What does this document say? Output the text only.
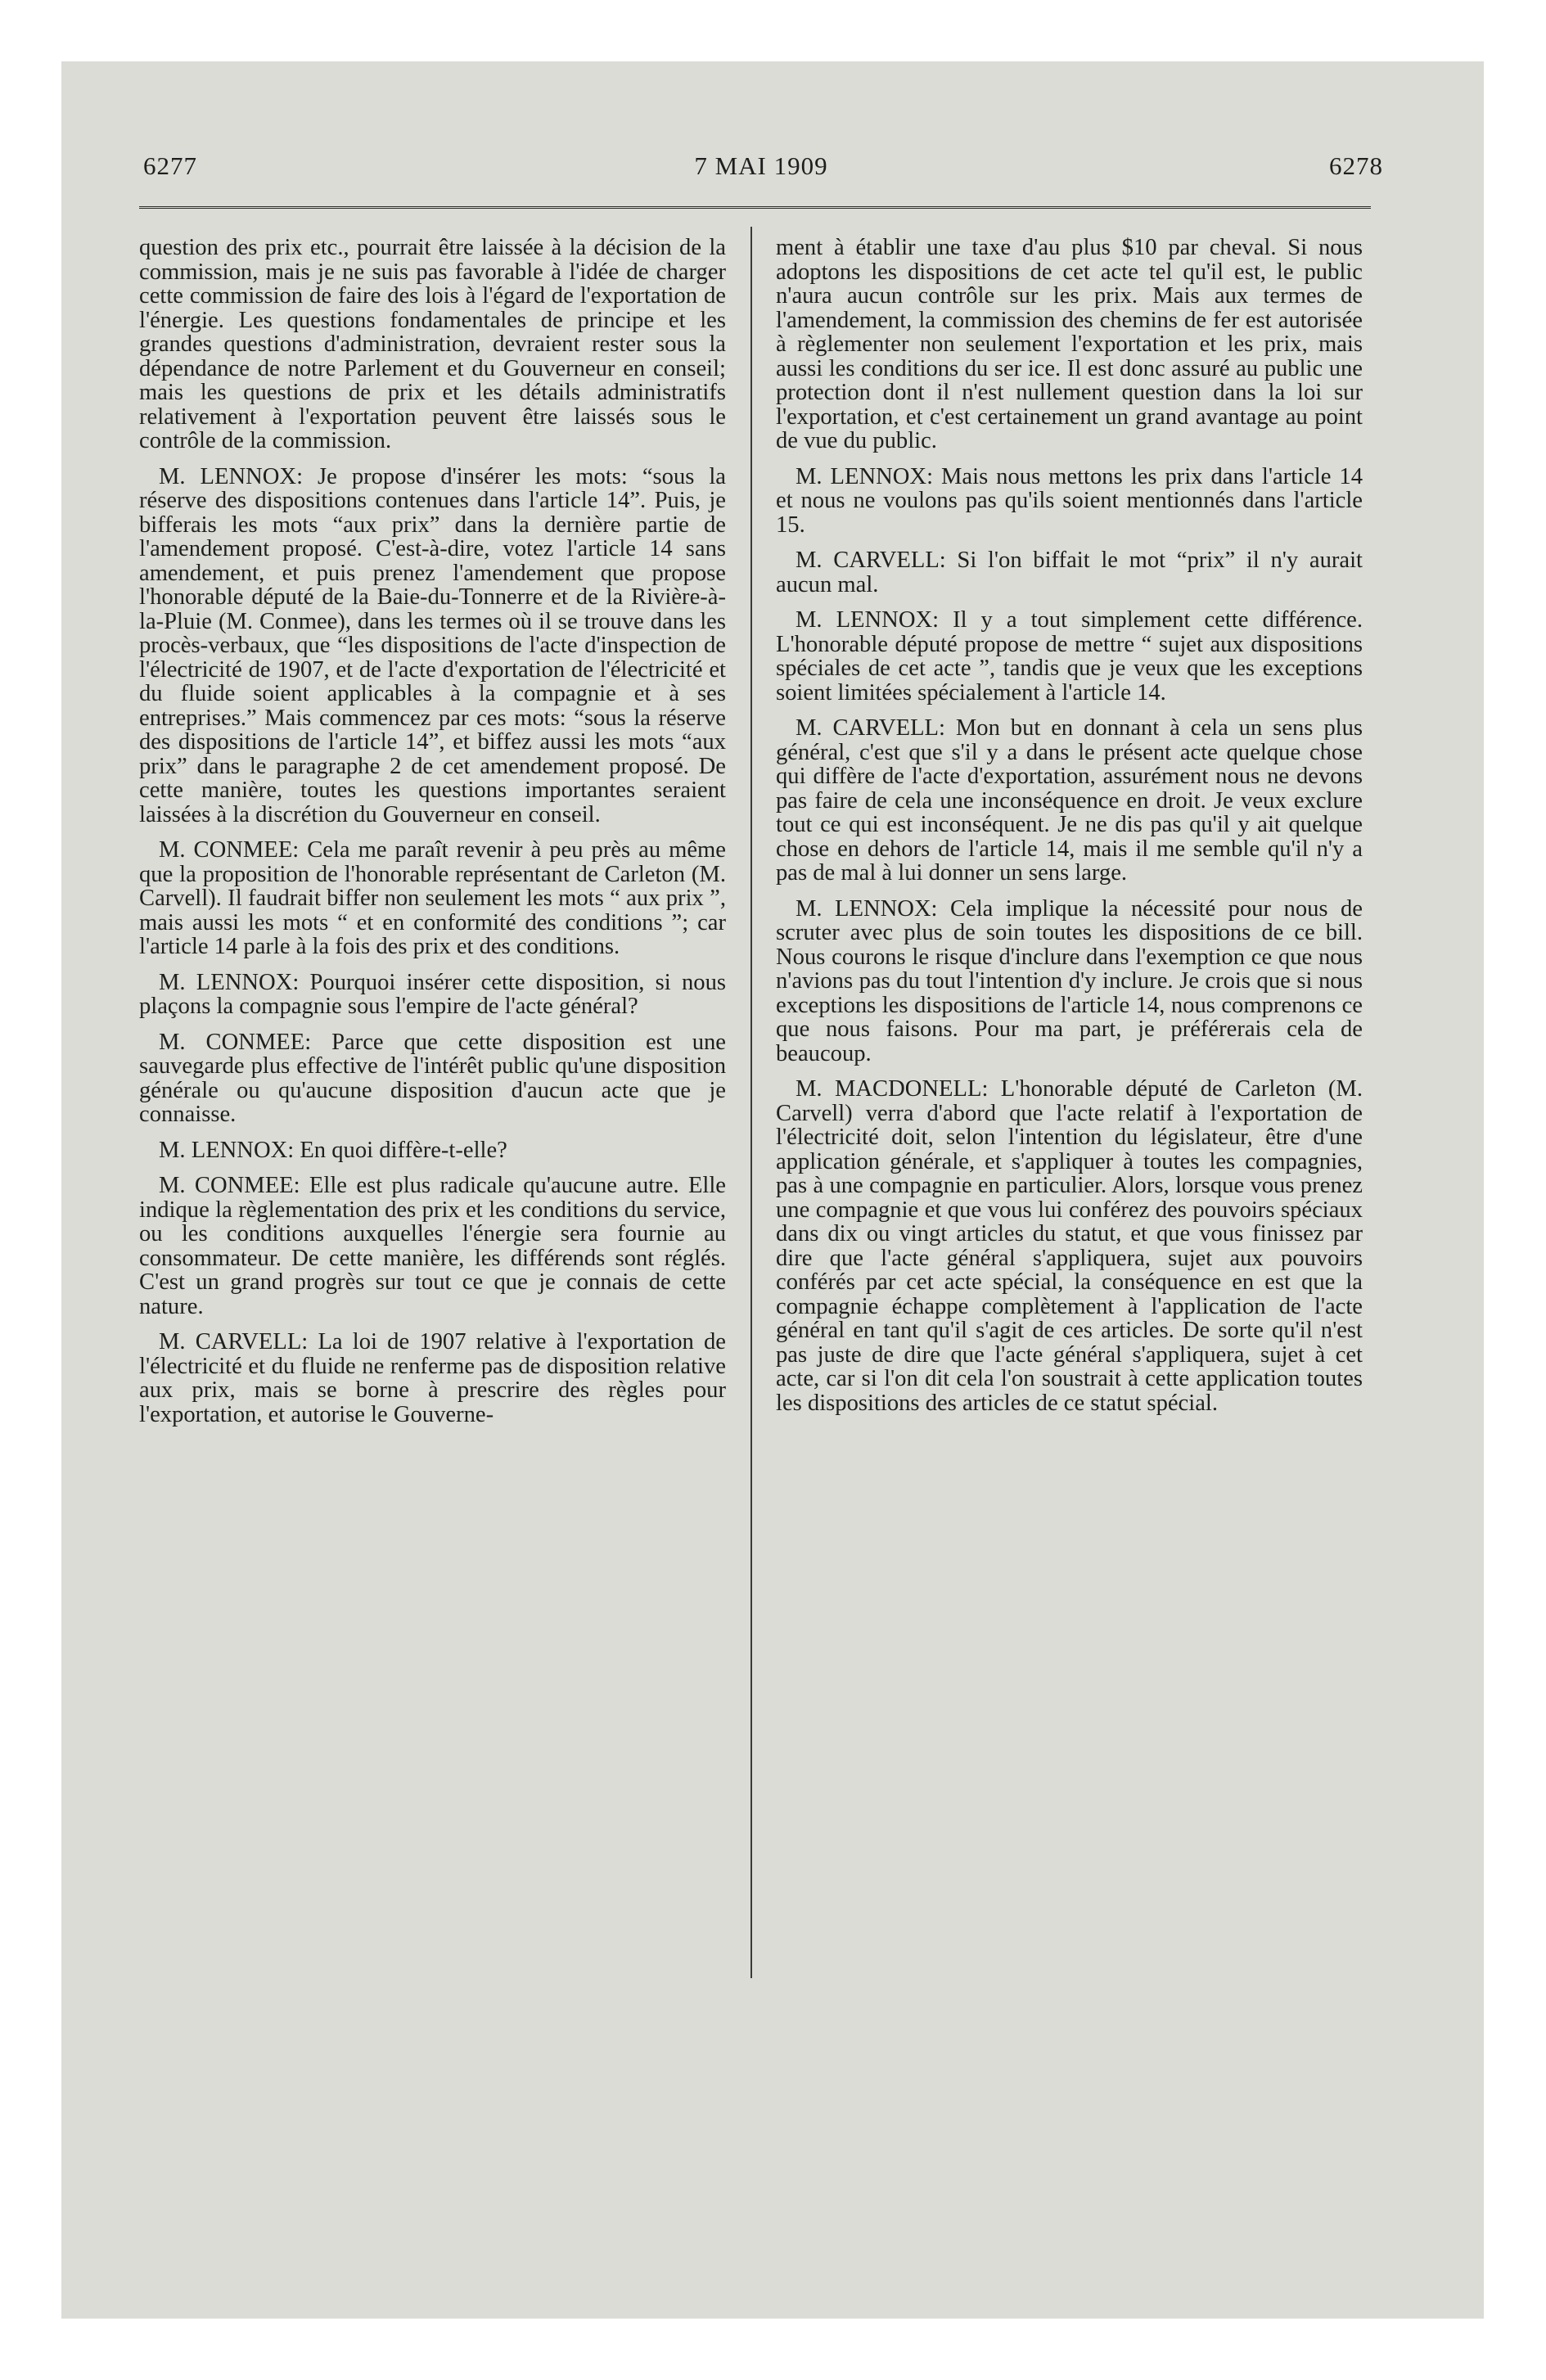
6277	7 MAI 1909	6278

question des prix etc., pourrait être laissée à la décision de la commission, mais je ne suis pas favorable à l'idée de charger cette commission de faire des lois à l'égard de l'exportation de l'énergie. Les questions fondamentales de principe et les grandes questions d'administration, devraient rester sous la dépendance de notre Parlement et du Gouverneur en conseil; mais les questions de prix et les détails administratifs relativement à l'exportation peuvent être laissés sous le contrôle de la commission.

M. LENNOX: Je propose d'insérer les mots: “sous la réserve des dispositions contenues dans l'article 14”. Puis, je bifferais les mots “aux prix” dans la dernière partie de l'amendement proposé. C'est-à-dire, votez l'article 14 sans amendement, et puis prenez l'amendement que propose l'honorable député de la Baie-du-Tonnerre et de la Rivière-à-la-Pluie (M. Conmee), dans les termes où il se trouve dans les procès-verbaux, que “les dispositions de l'acte d'inspection de l'électricité de 1907, et de l'acte d'exportation de l'électricité et du fluide soient applicables à la compagnie et à ses entreprises.” Mais commencez par ces mots: “sous la réserve des dispositions de l'article 14”, et biffez aussi les mots “aux prix” dans le paragraphe 2 de cet amendement proposé. De cette manière, toutes les questions importantes seraient laissées à la discrétion du Gouverneur en conseil.

M. CONMEE: Cela me paraît revenir à peu près au même que la proposition de l'honorable représentant de Carleton (M. Carvell). Il faudrait biffer non seulement les mots “ aux prix ”, mais aussi les mots “ et en conformité des conditions ”; car l'article 14 parle à la fois des prix et des conditions.

M. LENNOX: Pourquoi insérer cette disposition, si nous plaçons la compagnie sous l'empire de l'acte général?

M. CONMEE: Parce que cette disposition est une sauvegarde plus effective de l'intérêt public qu'une disposition générale ou qu'aucune disposition d'aucun acte que je connaisse.

M. LENNOX: En quoi diffère-t-elle?

M. CONMEE: Elle est plus radicale qu'aucune autre. Elle indique la règlementation des prix et les conditions du service, ou les conditions auxquelles l'énergie sera fournie au consommateur. De cette manière, les différends sont réglés. C'est un grand progrès sur tout ce que je connais de cette nature.

M. CARVELL: La loi de 1907 relative à l'exportation de l'électricité et du fluide ne renferme pas de disposition relative aux prix, mais se borne à prescrire des règles pour l'exportation, et autorise le Gouverne-

ment à établir une taxe d'au plus $10 par cheval. Si nous adoptons les dispositions de cet acte tel qu'il est, le public n'aura aucun contrôle sur les prix. Mais aux termes de l'amendement, la commission des chemins de fer est autorisée à règlementer non seulement l'exportation et les prix, mais aussi les conditions du ser ice. Il est donc assuré au public une protection dont il n'est nullement question dans la loi sur l'exportation, et c'est certainement un grand avantage au point de vue du public.

M. LENNOX: Mais nous mettons les prix dans l'article 14 et nous ne voulons pas qu'ils soient mentionnés dans l'article 15.

M. CARVELL: Si l'on biffait le mot “prix” il n'y aurait aucun mal.

M. LENNOX: Il y a tout simplement cette différence. L'honorable député propose de mettre “ sujet aux dispositions spéciales de cet acte ”, tandis que je veux que les exceptions soient limitées spécialement à l'article 14.

M. CARVELL: Mon but en donnant à cela un sens plus général, c'est que s'il y a dans le présent acte quelque chose qui diffère de l'acte d'exportation, assurément nous ne devons pas faire de cela une inconséquence en droit. Je veux exclure tout ce qui est inconséquent. Je ne dis pas qu'il y ait quelque chose en dehors de l'article 14, mais il me semble qu'il n'y a pas de mal à lui donner un sens large.

M. LENNOX: Cela implique la nécessité pour nous de scruter avec plus de soin toutes les dispositions de ce bill. Nous courons le risque d'inclure dans l'exemption ce que nous n'avions pas du tout l'intention d'y inclure. Je crois que si nous exceptions les dispositions de l'article 14, nous comprenons ce que nous faisons. Pour ma part, je préférerais cela de beaucoup.

M. MACDONELL: L'honorable député de Carleton (M. Carvell) verra d'abord que l'acte relatif à l'exportation de l'électricité doit, selon l'intention du législateur, être d'une application générale, et s'appliquer à toutes les compagnies, pas à une compagnie en particulier. Alors, lorsque vous prenez une compagnie et que vous lui conférez des pouvoirs spéciaux dans dix ou vingt articles du statut, et que vous finissez par dire que l'acte général s'appliquera, sujet aux pouvoirs conférés par cet acte spécial, la conséquence en est que la compagnie échappe complètement à l'application de l'acte général en tant qu'il s'agit de ces articles. De sorte qu'il n'est pas juste de dire que l'acte général s'appliquera, sujet à cet acte, car si l'on dit cela l'on soustrait à cette application toutes les dispositions des articles de ce statut spécial.
